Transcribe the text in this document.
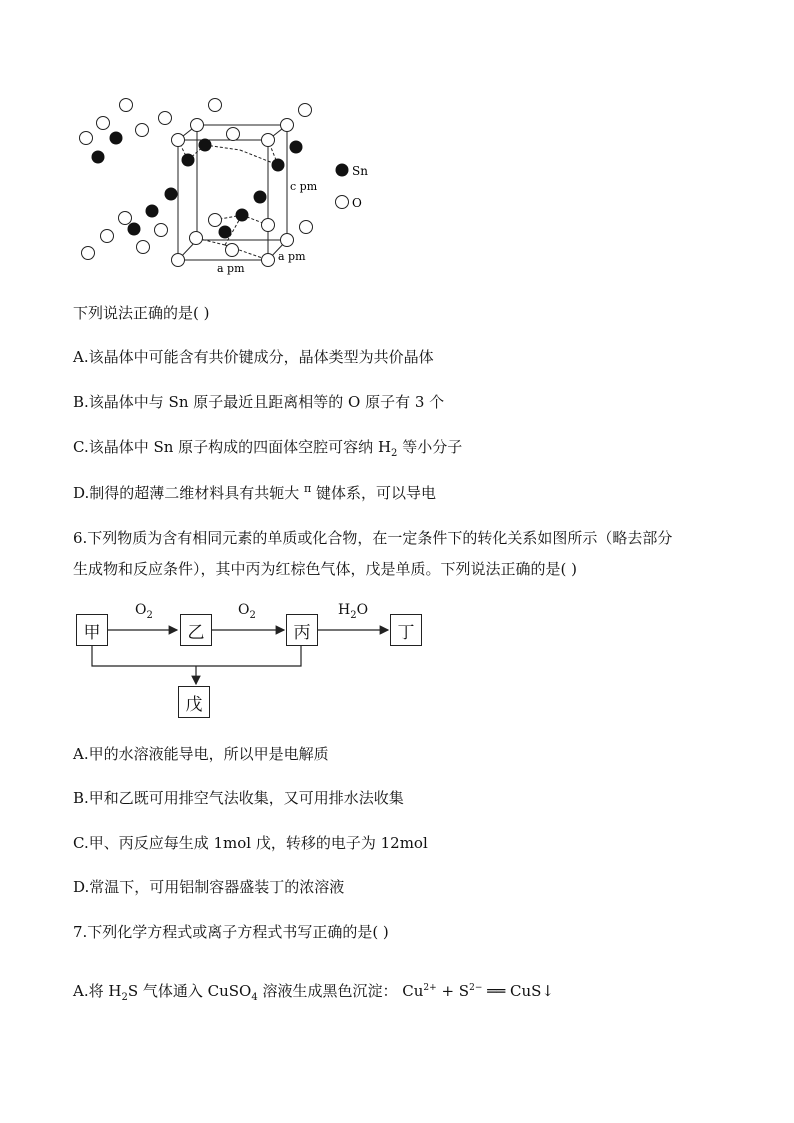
Sn
O
c pm
a pm
a pm
下列说法正确的是( )
A.该晶体中可能含有共价键成分，晶体类型为共价晶体
B.该晶体中与 Sn 原子最近且距离相等的 O 原子有 3 个
C.该晶体中 Sn 原子构成的四面体空腔可容纳 $H_2$ 等小分子
D.制得的超薄二维材料具有共轭大 $^\pi$ 键体系，可以导电
6.下列物质为含有相同元素的单质或化合物，在一定条件下的转化关系如图所示（略去部分
生成物和反应条件），其中丙为红棕色气体，戊是单质。下列说法正确的是( )
甲	乙	丙	丁
戊
$O_2$	$O_2$	$H_2O$
A.甲的水溶液能导电，所以甲是电解质
B.甲和乙既可用排空气法收集，又可用排水法收集
C.甲、丙反应每生成 1mol 戊，转移的电子为 12mol
D.常温下，可用铝制容器盛装丁的浓溶液
7.下列化学方程式或离子方程式书写正确的是( )
A.将 $H_2S$ 气体通入 CuSO$_4$ 溶液生成黑色沉淀： $Cu^{2+} + S^{2-}$ ══ CuS↓
